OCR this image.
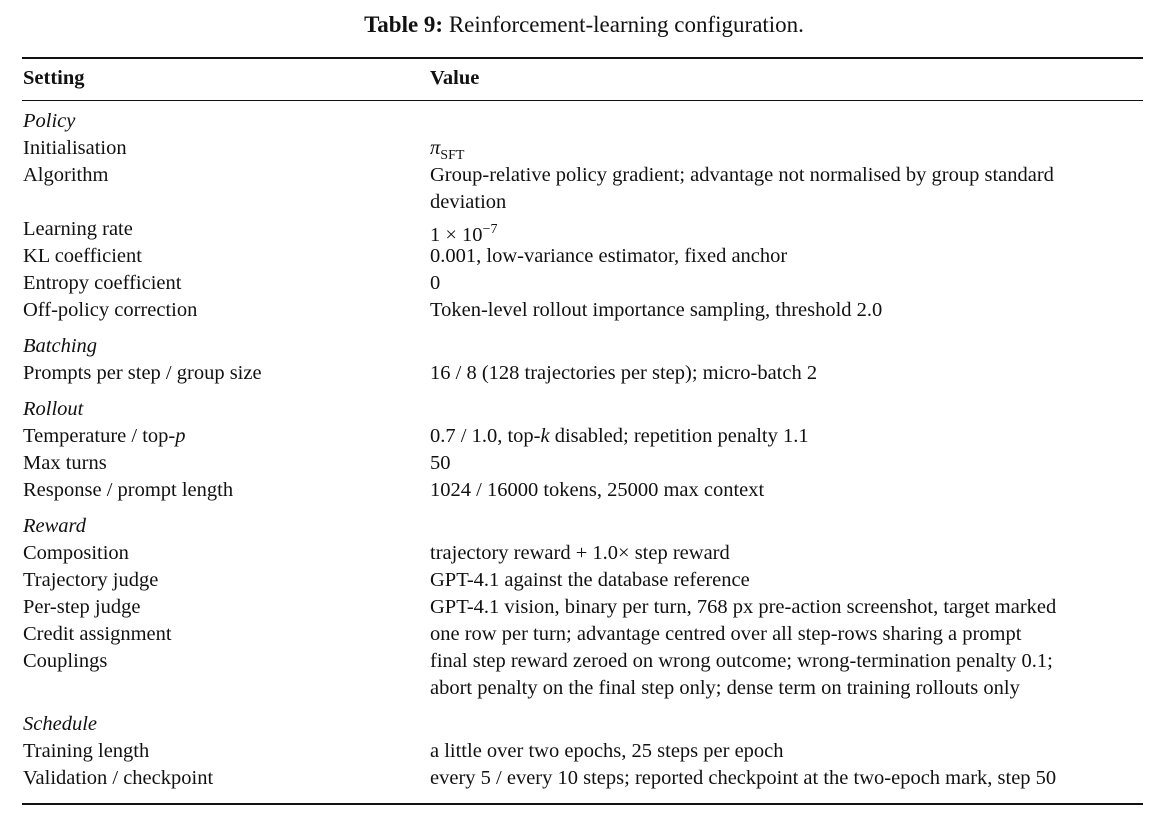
Table 9: Reinforcement-learning configuration.
Setting	Value
Policy
Initialisation	$\pi_{SFT}$
Algorithm	Group-relative policy gradient; advantage not normalised by group standard
deviation
Learning rate	$1 \times 10^{-7}$
KL coefficient	0.001, low-variance estimator, fixed anchor
Entropy coefficient	0
Off-policy correction	Token-level rollout importance sampling, threshold 2.0
Batching
Prompts per step / group size	16 / 8 (128 trajectories per step); micro-batch 2
Rollout
Temperature / top-p	0.7 / 1.0, top-k disabled; repetition penalty 1.1
Max turns	50
Response / prompt length	1024 / 16000 tokens, 25000 max context
Reward
Composition	trajectory reward + 1.0× step reward
Trajectory judge	GPT-4.1 against the database reference
Per-step judge	GPT-4.1 vision, binary per turn, 768 px pre-action screenshot, target marked
Credit assignment	one row per turn; advantage centred over all step-rows sharing a prompt
Couplings	final step reward zeroed on wrong outcome; wrong-termination penalty 0.1;
abort penalty on the final step only; dense term on training rollouts only
Schedule
Training length	a little over two epochs, 25 steps per epoch
Validation / checkpoint	every 5 / every 10 steps; reported checkpoint at the two-epoch mark, step 50
